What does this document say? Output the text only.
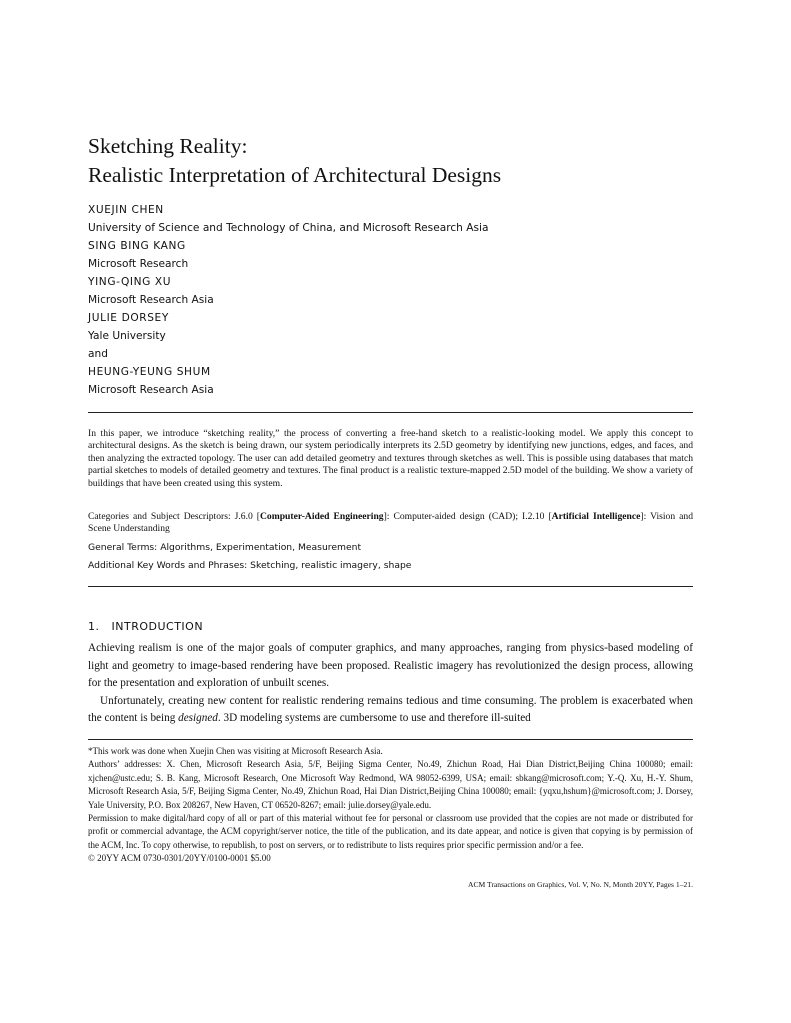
Sketching Reality:
Realistic Interpretation of Architectural Designs
XUEJIN CHEN
University of Science and Technology of China, and Microsoft Research Asia
SING BING KANG
Microsoft Research
YING-QING XU
Microsoft Research Asia
JULIE DORSEY
Yale University
and
HEUNG-YEUNG SHUM
Microsoft Research Asia
In this paper, we introduce “sketching reality,” the process of converting a free-hand sketch to a realistic-looking model. We apply this concept to architectural designs. As the sketch is being drawn, our system periodically interprets its 2.5D geometry by identifying new junctions, edges, and faces, and then analyzing the extracted topology. The user can add detailed geometry and textures through sketches as well. This is possible using databases that match partial sketches to models of detailed geometry and textures. The final product is a realistic texture-mapped 2.5D model of the building. We show a variety of buildings that have been created using this system.
Categories and Subject Descriptors: J.6.0 [Computer-Aided Engineering]: Computer-aided design (CAD); I.2.10 [Artificial Intelligence]: Vision and Scene Understanding
General Terms: Algorithms, Experimentation, Measurement
Additional Key Words and Phrases: Sketching, realistic imagery, shape
1. INTRODUCTION

Achieving realism is one of the major goals of computer graphics, and many approaches, ranging from physics-based modeling of light and geometry to image-based rendering have been proposed. Realistic imagery has revolutionized the design process, allowing for the presentation and exploration of unbuilt scenes.

Unfortunately, creating new content for realistic rendering remains tedious and time consuming. The problem is exacerbated when the content is being designed. 3D modeling systems are cumbersome to use and therefore ill-suited

*This work was done when Xuejin Chen was visiting at Microsoft Research Asia.

Authors’ addresses: X. Chen, Microsoft Research Asia, 5/F, Beijing Sigma Center, No.49, Zhichun Road, Hai Dian District,Beijing China 100080; email: xjchen@ustc.edu; S. B. Kang, Microsoft Research, One Microsoft Way Redmond, WA 98052-6399, USA; email: sbkang@microsoft.com; Y.-Q. Xu, H.-Y. Shum, Microsoft Research Asia, 5/F, Beijing Sigma Center, No.49, Zhichun Road, Hai Dian District,Beijing China 100080; email: {yqxu,hshum}@microsoft.com; J. Dorsey, Yale University, P.O. Box 208267, New Haven, CT 06520-8267; email: julie.dorsey@yale.edu.

Permission to make digital/hard copy of all or part of this material without fee for personal or classroom use provided that the copies are not made or distributed for profit or commercial advantage, the ACM copyright/server notice, the title of the publication, and its date appear, and notice is given that copying is by permission of the ACM, Inc. To copy otherwise, to republish, to post on servers, or to redistribute to lists requires prior specific permission and/or a fee.

© 20YY ACM 0730-0301/20YY/0100-0001 $5.00

ACM Transactions on Graphics, Vol. V, No. N, Month 20YY, Pages 1–21.
